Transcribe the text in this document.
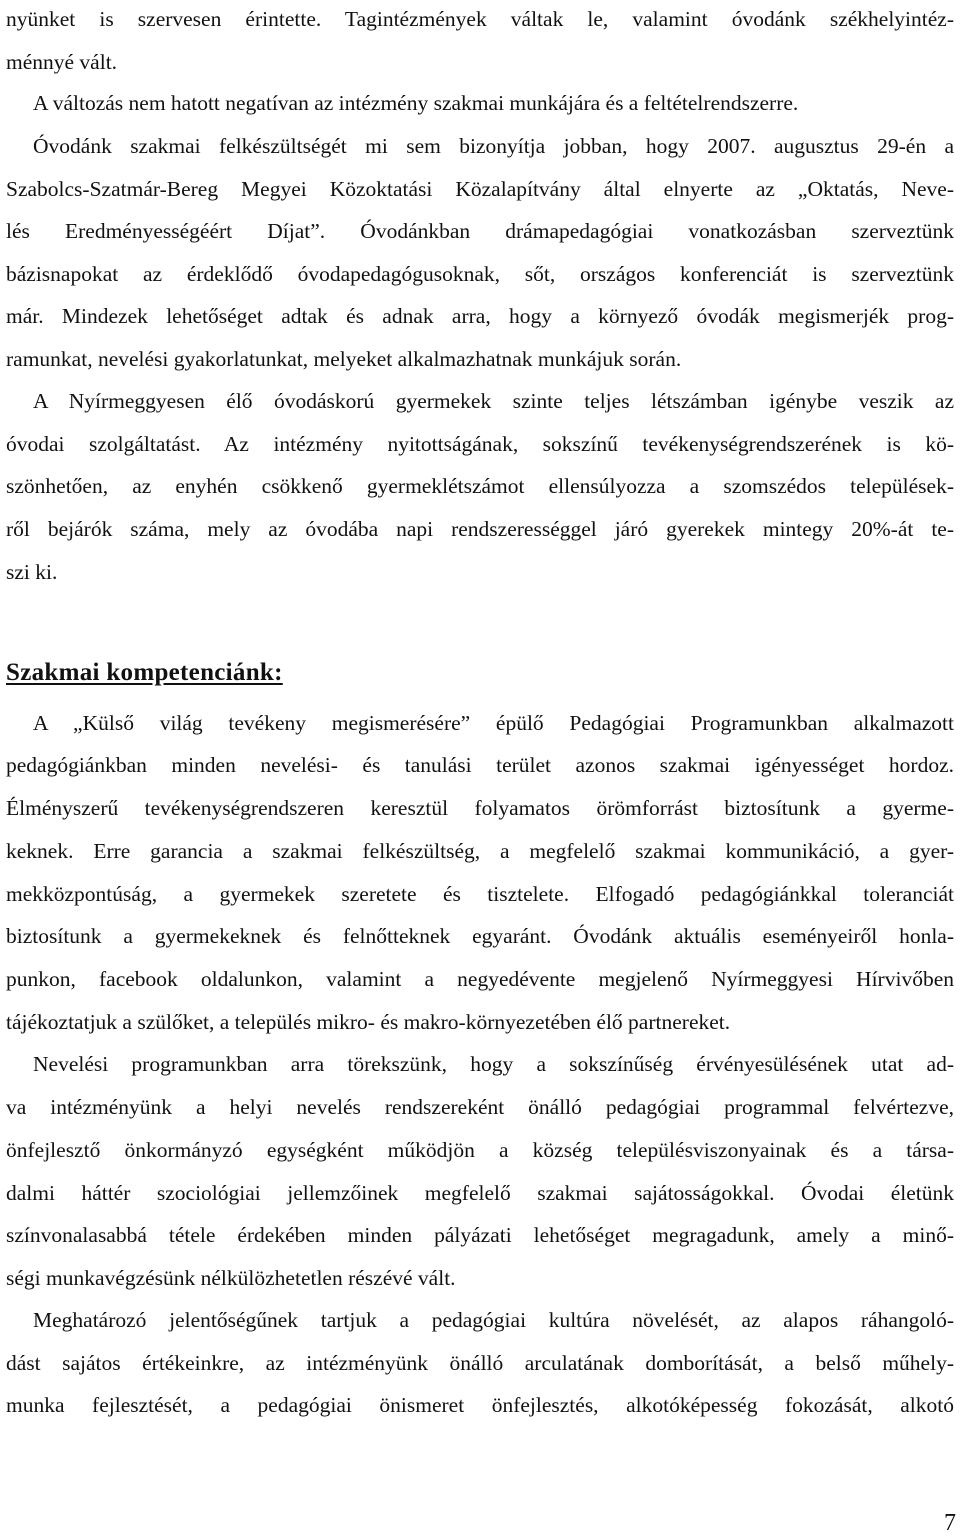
nyünket is szervesen érintette. Tagintézmények váltak le, valamint óvodánk székhelyintéz-
ménnyé vált.
A változás nem hatott negatívan az intézmény szakmai munkájára és a feltételrendszerre.
Óvodánk szakmai felkészültségét mi sem bizonyítja jobban, hogy 2007. augusztus 29-én a
Szabolcs-Szatmár-Bereg Megyei Közoktatási Közalapítvány által elnyerte az „Oktatás, Neve-
lés Eredményességéért Díjat”. Óvodánkban drámapedagógiai vonatkozásban szerveztünk
bázisnapokat az érdeklődő óvodapedagógusoknak, sőt, országos konferenciát is szerveztünk
már. Mindezek lehetőséget adtak és adnak arra, hogy a környező óvodák megismerjék prog-
ramunkat, nevelési gyakorlatunkat, melyeket alkalmazhatnak munkájuk során.
A Nyírmeggyesen élő óvodáskorú gyermekek szinte teljes létszámban igénybe veszik az
óvodai szolgáltatást. Az intézmény nyitottságának, sokszínű tevékenységrendszerének is kö-
szönhetően, az enyhén csökkenő gyermeklétszámot ellensúlyozza a szomszédos települések-
ről bejárók száma, mely az óvodába napi rendszerességgel járó gyerekek mintegy 20%-át te-
szi ki.
Szakmai kompetenciánk:
A „Külső világ tevékeny megismerésére” épülő Pedagógiai Programunkban alkalmazott
pedagógiánkban minden nevelési- és tanulási terület azonos szakmai igényességet hordoz.
Élményszerű tevékenységrendszeren keresztül folyamatos örömforrást biztosítunk a gyerme-
keknek. Erre garancia a szakmai felkészültség, a megfelelő szakmai kommunikáció, a gyer-
mekközpontúság, a gyermekek szeretete és tisztelete. Elfogadó pedagógiánkkal toleranciát
biztosítunk a gyermekeknek és felnőtteknek egyaránt. Óvodánk aktuális eseményeiről honla-
punkon, facebook oldalunkon, valamint a negyedévente megjelenő Nyírmeggyesi Hírvivőben
tájékoztatjuk a szülőket, a település mikro- és makro-környezetében élő partnereket.
Nevelési programunkban arra törekszünk, hogy a sokszínűség érvényesülésének utat ad-
va intézményünk a helyi nevelés rendszereként önálló pedagógiai programmal felvértezve,
önfejlesztő önkormányzó egységként működjön a község településviszonyainak és a társa-
dalmi háttér szociológiai jellemzőinek megfelelő szakmai sajátosságokkal. Óvodai életünk
színvonalasabbá tétele érdekében minden pályázati lehetőséget megragadunk, amely a minő-
ségi munkavégzésünk nélkülözhetetlen részévé vált.
Meghatározó jelentőségűnek tartjuk a pedagógiai kultúra növelését, az alapos ráhangoló-
dást sajátos értékeinkre, az intézményünk önálló arculatának domborítását, a belső műhely-
munka fejlesztését, a pedagógiai önismeret önfejlesztés, alkotóképesség fokozását, alkotó
7
